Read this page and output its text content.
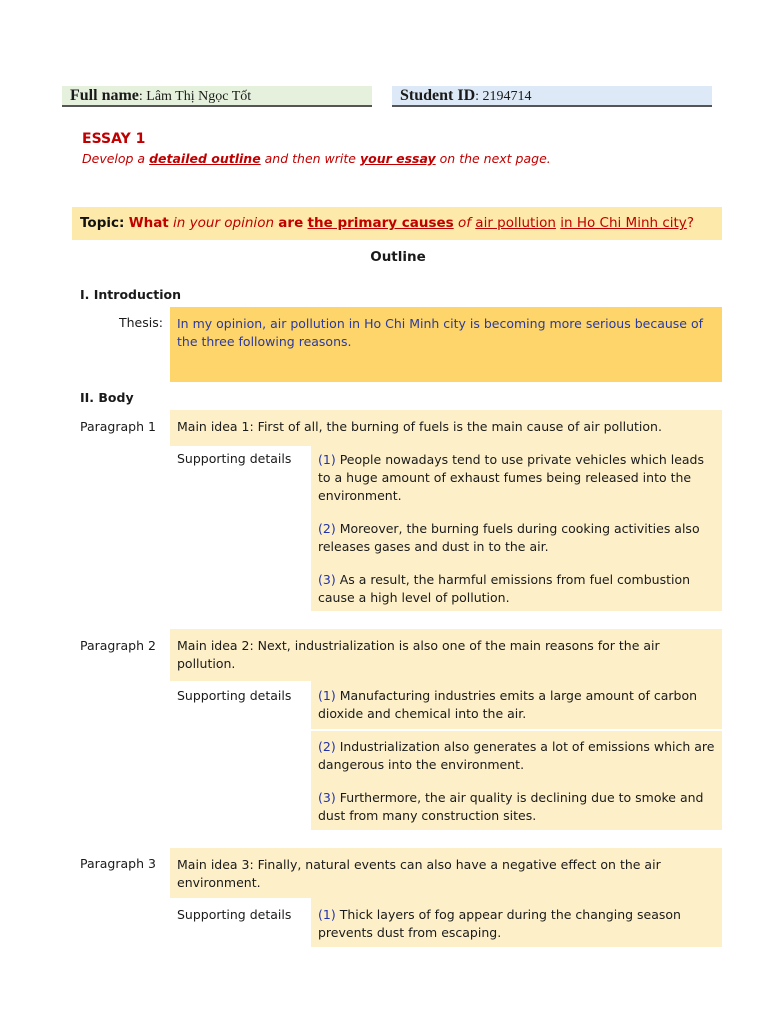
Full name: Lâm Thị Ngọc Tốt	Student ID: 2194714
ESSAY 1
Develop a detailed outline and then write your essay on the next page.
Topic: What in your opinion are the primary causes of air pollution in Ho Chi Minh city?
Outline
I. Introduction
Thesis:	In my opinion, air pollution in Ho Chi Minh city is becoming more serious because of the three following reasons.
II. Body
Paragraph 1	Main idea 1: First of all, the burning of fuels is the main cause of air pollution.
Supporting details (1) People nowadays tend to use private vehicles which leads to a huge amount of exhaust fumes being released into the environment.

(2) Moreover, the burning fuels during cooking activities also releases gases and dust in to the air.

(3) As a result, the harmful emissions from fuel combustion cause a high level of pollution.

Paragraph 2	Main idea 2: Next, industrialization is also one of the main reasons for the air pollution.
Supporting details (1) Manufacturing industries emits a large amount of carbon dioxide and chemical into the air.

(2) Industrialization also generates a lot of emissions which are dangerous into the environment.

(3) Furthermore, the air quality is declining due to smoke and dust from many construction sites.

Paragraph 3	Main idea 3: Finally, natural events can also have a negative effect on the air environment.
Supporting details (1) Thick layers of fog appear during the changing season prevents dust from escaping.
